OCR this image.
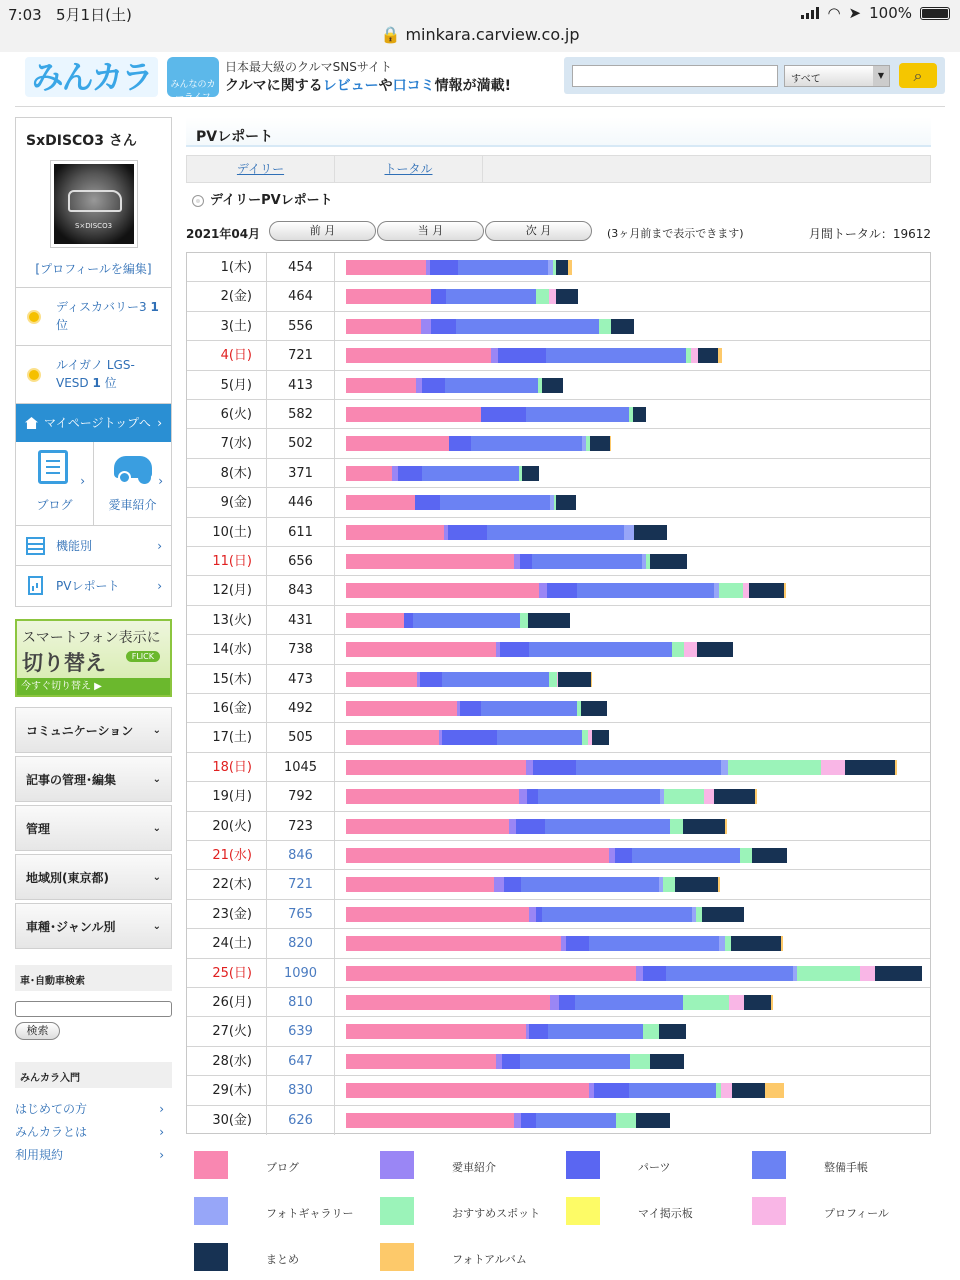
7:03 5月1日(土)	◠ ➤ 100%
🔒 minkara.carview.co.jp
みんカラ	みんなのカーライフ
日本最大級のクルマSNSサイト
クルマに関するレビューや口コミ情報が満載!	すべて	▼	⌕
SxDISCO3 さん
S×DISCO3
[プロフィールを編集]
ディスカバリー3 1 位
ルイガノ LGS-VESD 1 位
マイページトップへ ›
›
ブログ
›
愛車紹介
機能別	›
PVレポート	›
スマートフォン表示に
切り替え	FLICK
今すぐ切り替え ▶
コミュニケーション ⌄
記事の管理･編集	⌄
管理	⌄
地域別(東京都)	⌄
車種･ジャンル別	⌄
車･自動車検索
検索
みんカラ入門
はじめての方	›
みんカラとは	›
利用規約	›
PVレポート
デイリー	トータル
デイリーPVレポート
2021年04月	前 月	当 月	次 月	(3ヶ月前まで表示できます)	月間トータル：19612
1(木)	454
2(金)	464
3(土)	556
4(日)	721
5(月)	413
6(火)	582
7(水)	502
8(木)	371
9(金)	446
10(土)	611
11(日)	656
12(月)	843
13(火)	431
14(水)	738
15(木)	473
16(金)	492
17(土)	505
18(日)	1045
19(月)	792
20(火)	723
21(水)	846
22(木)	721
23(金)	765
24(土)	820
25(日)	1090
26(月)	810
27(火)	639
28(水)	647
29(木)	830
30(金)	626
ブログ	愛車紹介	パーツ	整備手帳
フォトギャラリー	おすすめスポット	マイ掲示板	プロフィール
まとめ	フォトアルバム
